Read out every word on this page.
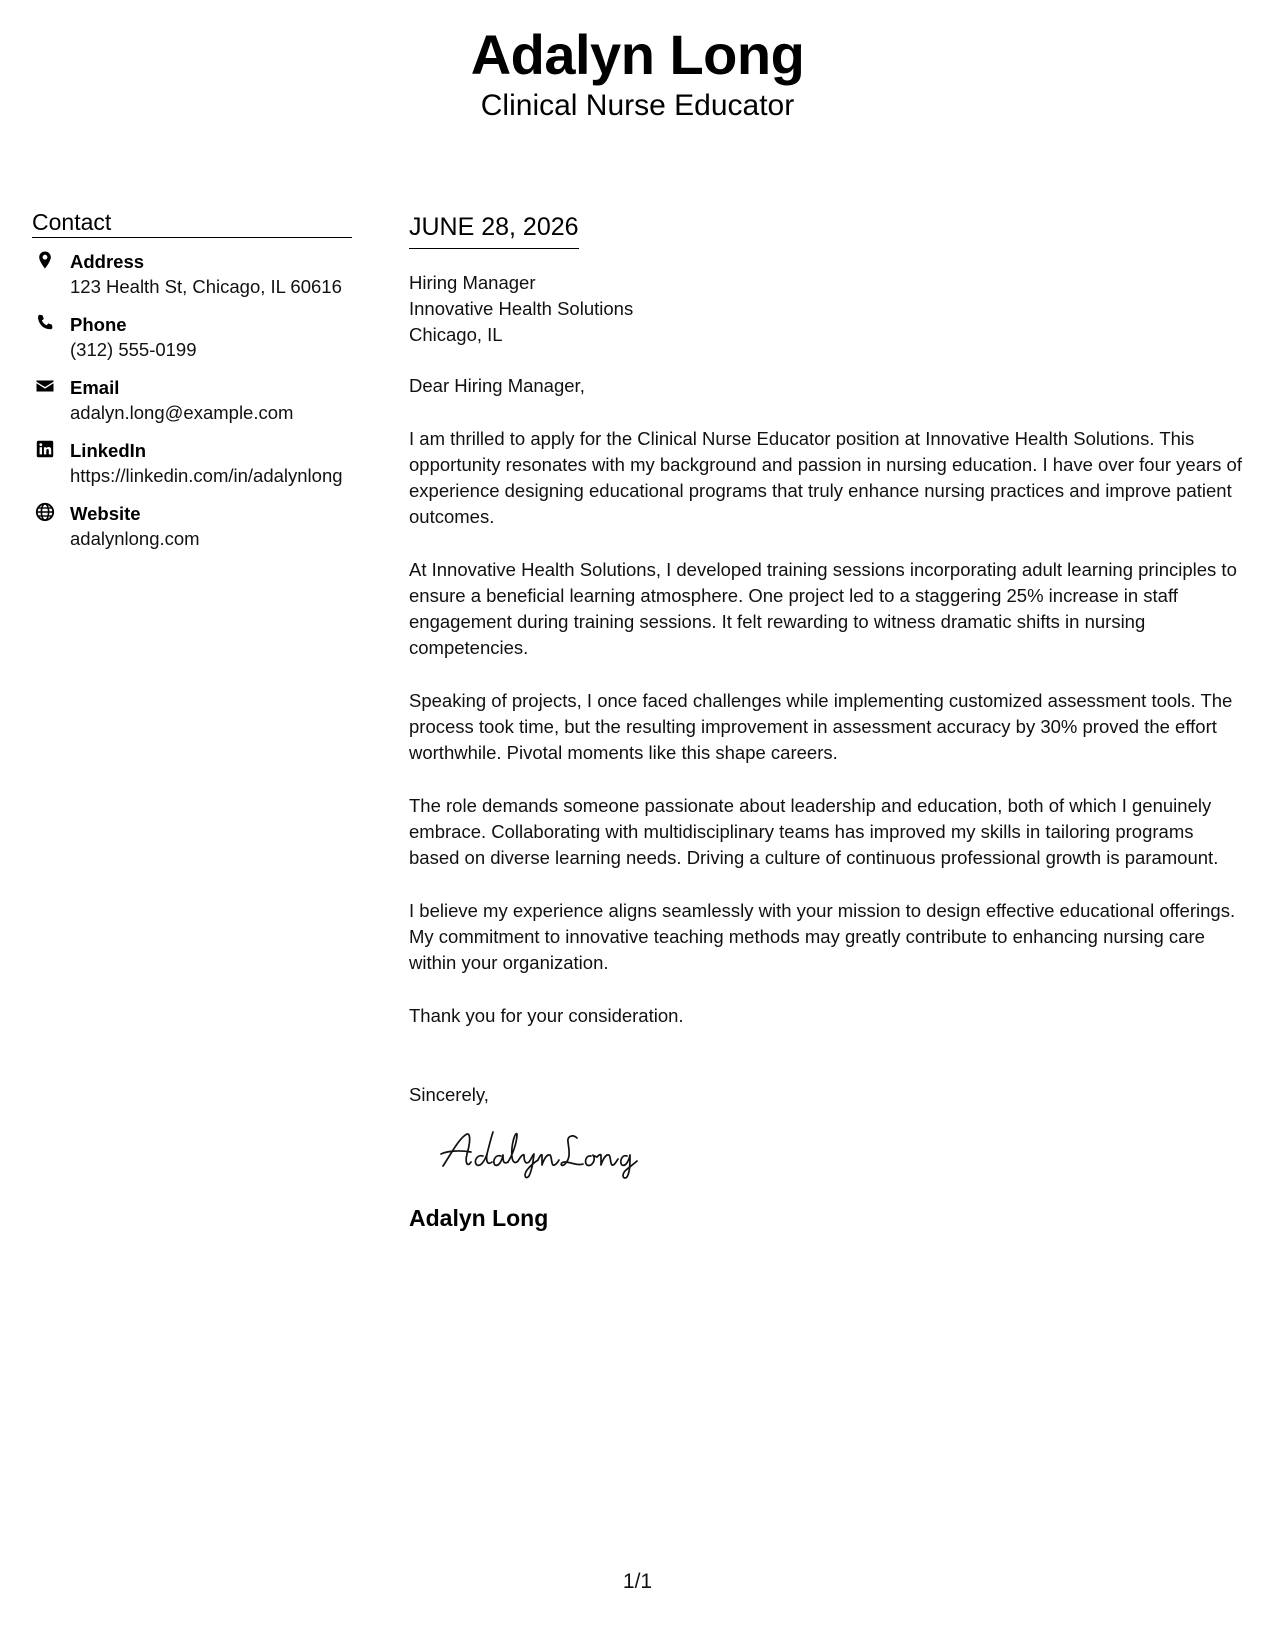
Adalyn Long
Clinical Nurse Educator
Contact
Address
123 Health St, Chicago, IL 60616
Phone
(312) 555-0199
Email
adalyn.long@example.com
LinkedIn
https://linkedin.com/in/adalynlong
Website
adalynlong.com
JUNE 28, 2026
Hiring Manager
Innovative Health Solutions
Chicago, IL
Dear Hiring Manager,
I am thrilled to apply for the Clinical Nurse Educator position at Innovative Health Solutions. This opportunity resonates with my background and passion in nursing education. I have over four years of experience designing educational programs that truly enhance nursing practices and improve patient outcomes.
At Innovative Health Solutions, I developed training sessions incorporating adult learning principles to ensure a beneficial learning atmosphere. One project led to a staggering 25% increase in staff engagement during training sessions. It felt rewarding to witness dramatic shifts in nursing competencies.
Speaking of projects, I once faced challenges while implementing customized assessment tools. The process took time, but the resulting improvement in assessment accuracy by 30% proved the effort worthwhile. Pivotal moments like this shape careers.
The role demands someone passionate about leadership and education, both of which I genuinely embrace. Collaborating with multidisciplinary teams has improved my skills in tailoring programs based on diverse learning needs. Driving a culture of continuous professional growth is paramount.
I believe my experience aligns seamlessly with your mission to design effective educational offerings. My commitment to innovative teaching methods may greatly contribute to enhancing nursing care within your organization.
Thank you for your consideration.
Sincerely,
Adalyn Long
1/1
